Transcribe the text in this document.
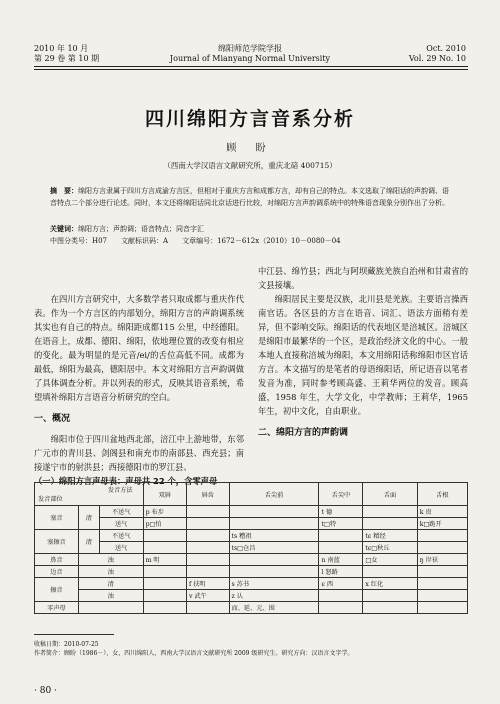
2010 年 10 月
第 29 卷 第 10 期
绵阳师范学院学报
Journal of Mianyang Normal University
Oct. 2010
Vol. 29 No. 10
四川绵阳方言音系分析
顾 盼
（西南大学汉语言文献研究所，重庆北碚 400715）
摘　要：绵阳方言隶属于四川方言成渝方言区，但相对于重庆方言和成都方言，却有自己的特点。本文选取了绵阳话的声韵调、语音特点二个部分进行论述。同时，本文还将绵阳话同北京话进行比较，对绵阳方言声韵调系统中的特殊语音现象分别作出了分析。
关键词：绵阳方言；声韵调；语音特点；同音字汇
中图分类号：H07　　文献标识码：A　　文章编号：1672－612x（2010）10－0080－04

在四川方言研究中，大多数学者只取成都与重庆作代表。作为一个方言区的内部划分，绵阳方言的声韵调系统其实也有自己的特点。绵阳距成都115 公里，中经德阳。在语音上，成都、德阳、绵阳，依地理位置的改变有相应的变化。最为明显的是元音/ei/的舌位高低不同。成都为最低，绵阳为最高，德阳居中。本文对绵阳方言声韵调做了具体调查分析。并以列表的形式，反映其语音系统，希望填补绵阳方言语音分析研究的空白。

一、概况

绵阳市位于四川盆地西北部，涪江中上游地带，东邻广元市的青川县、剑阁县和南充市的南部县、西充县；南接遂宁市的射洪县；西接德阳市的罗江县、

（一）绵阳方言声母表：声母共 22 个，含零声母

中江县、绵竹县；西北与阿坝藏族羌族自治州和甘肃省的文县接壤。

绵阳居民主要是汉族，北川县是羌族。主要语言操西南官话。各区县的方言在语音、词汇、语法方面稍有差异，但不影响交际。绵阳话的代表地区是涪城区。涪城区是绵阳市最繁华的一个区，是政治经济文化的中心。一般本地人直接称涪城为绵阳，本文用绵阳话称绵阳市区官话方言。本文描写的是笔者的母语绵阳话，所记语音以笔者发音为准，同时参考顾高盛、王莉华两位的发音。顾高盛，1958 年生，大学文化，中学教师；王莉华，1965 年生，初中文化，自由职业。

二、绵阳方言的声韵调
发音方法
发音部位			双唇	唇齿	舌尖前	舌尖中	舌面	舌根

塞音	清	不送气	p 布步			t 德		k 贵
		送气	p□怕			t□特		k□跪开
塞擦音	清	不送气			ts 糟祖		tɕ 精经	
		送气			ts□仓昌		tɕ□秋丘	
鼻音	浊		m 明			n 南蓝	□女	ŋ 岸袄
边音	浊					l 怒路		
擦音	清			f 扶明	s 苏书	ɕ 西	x 红化	
	浊			v 武午	z 认			
零声母					而、延、元、围			
收稿日期：2010-07-25
作者简介：顾盼（1986－），女，四川绵阳人，西南大学汉语言文献研究所 2009 级研究生。研究方向：汉语言文字学。
· 80 ·
